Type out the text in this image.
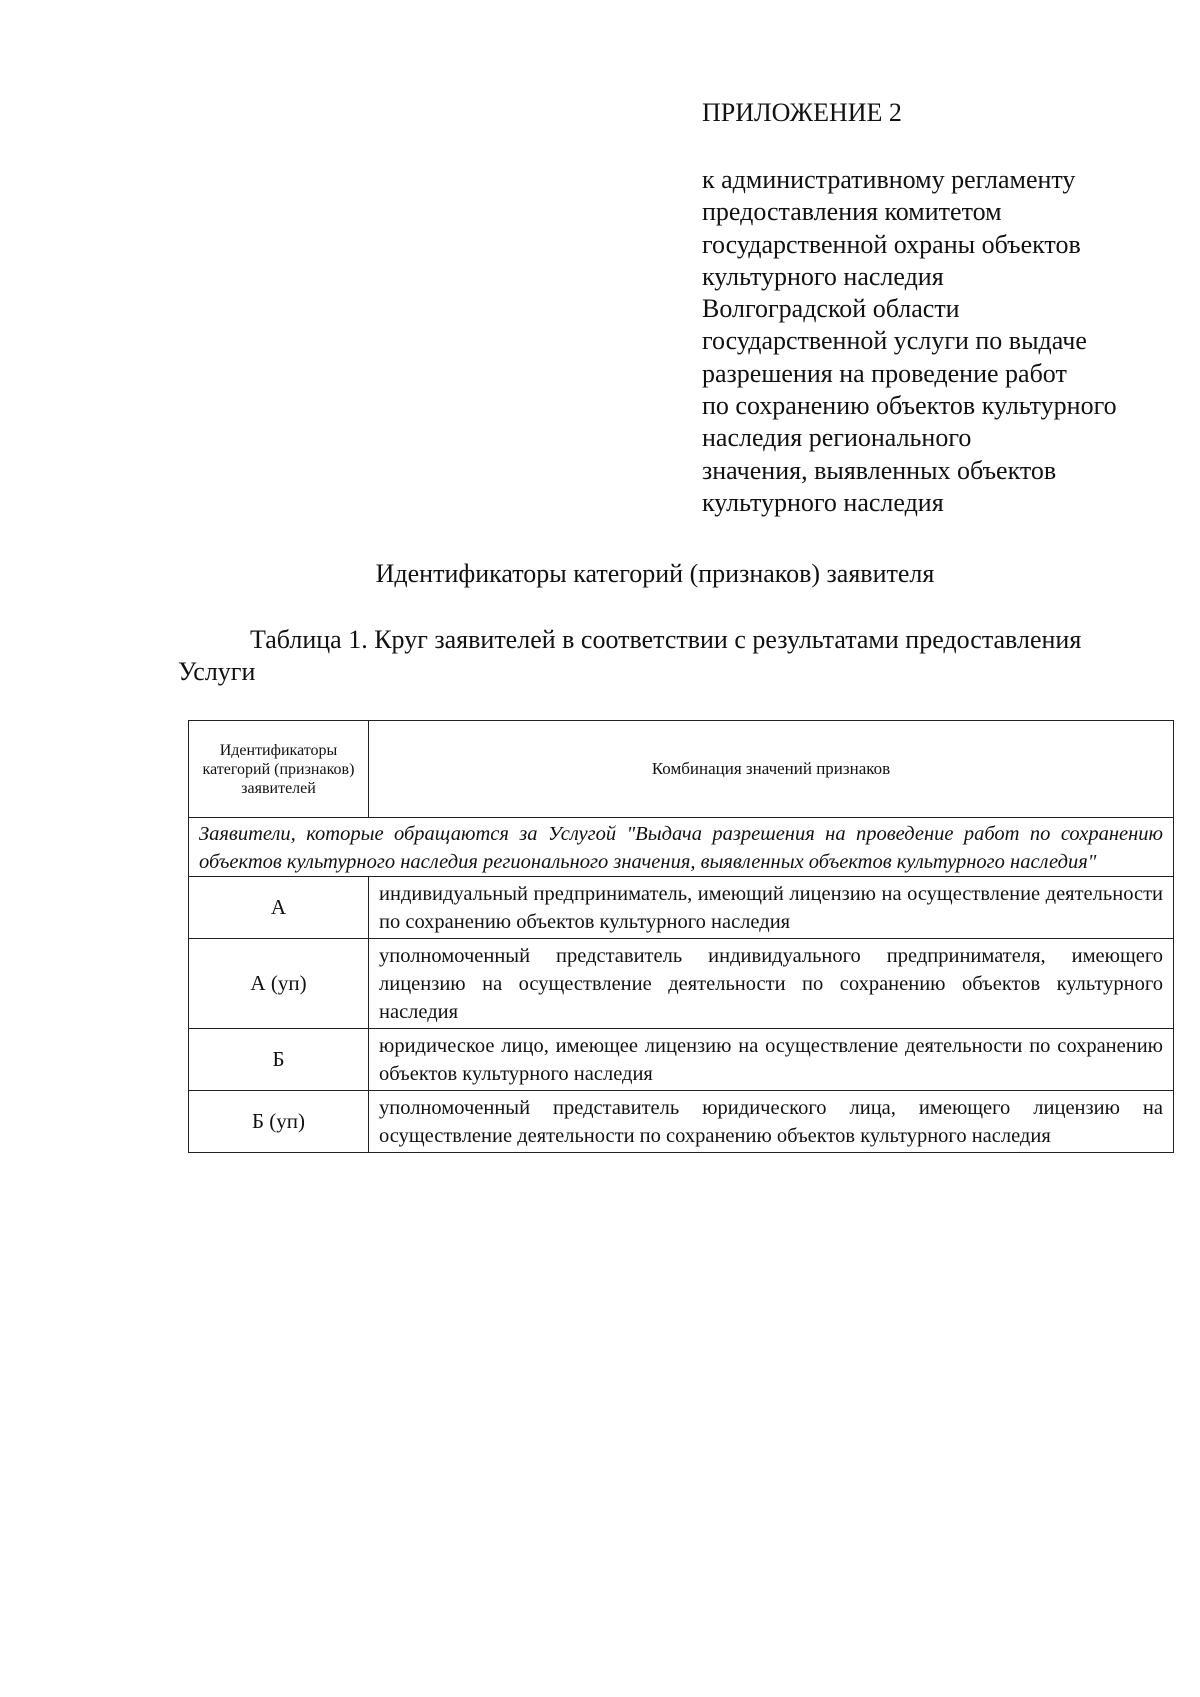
ПРИЛОЖЕНИЕ 2
к административному регламенту
предоставления комитетом
государственной охраны объектов
культурного наследия
Волгоградской области
государственной услуги по выдаче
разрешения на проведение работ
по сохранению объектов культурного
наследия регионального
значения, выявленных объектов
культурного наследия
Идентификаторы категорий (признаков) заявителя
Таблица 1. Круг заявителей в соответствии с результатами предоставления
Услуги
Идентификаторы категорий (признаков) заявителей	Комбинация значений признаков
Заявители, которые обращаются за Услугой "Выдача разрешения на проведение работ по сохранению объектов культурного наследия регионального значения, выявленных объектов культурного наследия"	
А	индивидуальный предприниматель, имеющий лицензию на осуществление деятельности по сохранению объектов культурного наследия
А (уп)	уполномоченный представитель индивидуального предпринимателя, имеющего лицензию на осуществление деятельности по сохранению объектов культурного наследия
Б	юридическое лицо, имеющее лицензию на осуществление деятельности по сохранению объектов культурного наследия
Б (уп)	уполномоченный представитель юридического лица, имеющего лицензию на осуществление деятельности по сохранению объектов культурного наследия
